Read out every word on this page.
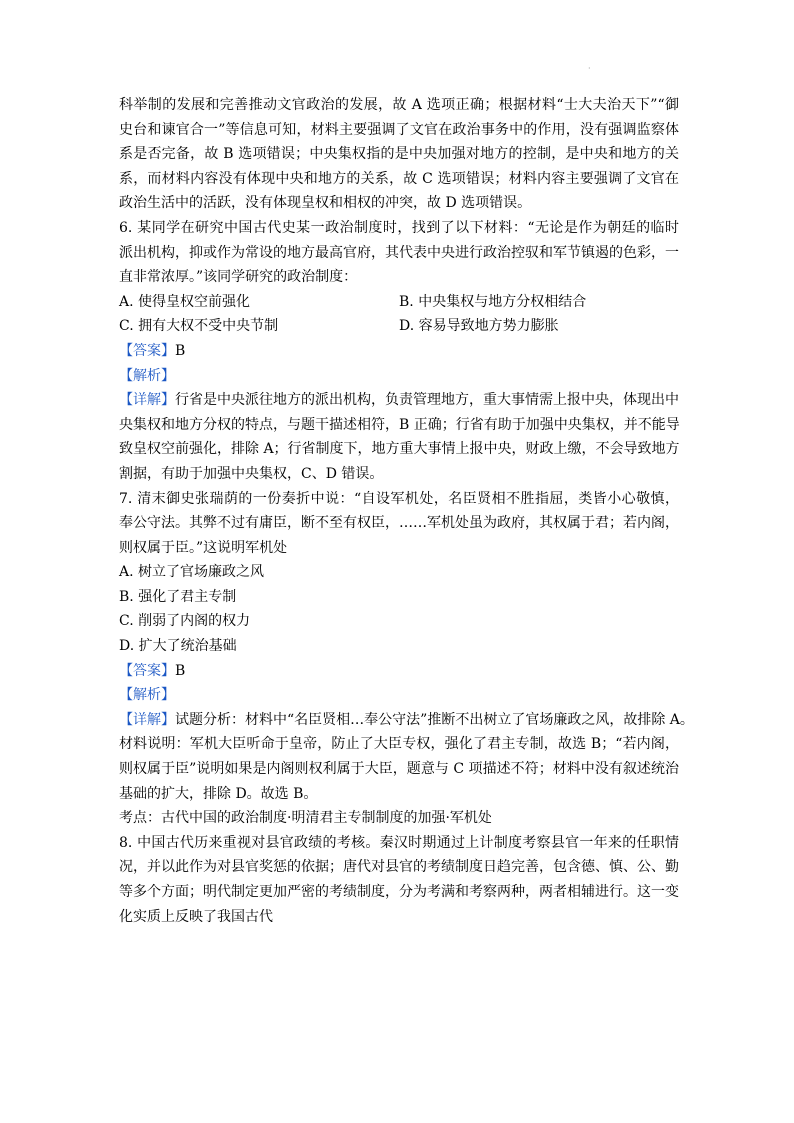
·
科举制的发展和完善推动文官政治的发展，故 A 选项正确；根据材料“士大夫治天下”“御
史台和谏官合一”等信息可知，材料主要强调了文官在政治事务中的作用，没有强调监察体
系是否完备，故 B 选项错误；中央集权指的是中央加强对地方的控制，是中央和地方的关
系，而材料内容没有体现中央和地方的关系，故 C 选项错误；材料内容主要强调了文官在
政治生活中的活跃，没有体现皇权和相权的冲突，故 D 选项错误。
6. 某同学在研究中国古代史某一政治制度时，找到了以下材料：“无论是作为朝廷的临时
派出机构，抑或作为常设的地方最高官府，其代表中央进行政治控驭和军节镇遏的色彩，一
直非常浓厚。”该同学研究的政治制度：
A. 使得皇权空前强化	B. 中央集权与地方分权相结合
C. 拥有大权不受中央节制	D. 容易导致地方势力膨胀
【答案】B
【解析】
【详解】行省是中央派往地方的派出机构，负责管理地方，重大事情需上报中央，体现出中
央集权和地方分权的特点，与题干描述相符，B 正确；行省有助于加强中央集权，并不能导
致皇权空前强化，排除 A；行省制度下，地方重大事情上报中央，财政上缴，不会导致地方
割据，有助于加强中央集权，C、D 错误。
7. 清末御史张瑞荫的一份奏折中说：“自设军机处，名臣贤相不胜指屈，类皆小心敬慎，
奉公守法。其弊不过有庸臣，断不至有权臣，……军机处虽为政府，其权属于君；若内阁，
则权属于臣。”这说明军机处
A. 树立了官场廉政之风
B. 强化了君主专制
C. 削弱了内阁的权力
D. 扩大了统治基础
【答案】B
【解析】
【详解】试题分析：材料中“名臣贤相…奉公守法”推断不出树立了官场廉政之风，故排除 A。
材料说明：军机大臣听命于皇帝，防止了大臣专权，强化了君主专制，故选 B；“若内阁，
则权属于臣”说明如果是内阁则权利属于大臣，题意与 C 项描述不符；材料中没有叙述统治
基础的扩大，排除 D。故选 B。
考点：古代中国的政治制度·明清君主专制制度的加强·军机处
8. 中国古代历来重视对县官政绩的考核。秦汉时期通过上计制度考察县官一年来的任职情
况，并以此作为对县官奖惩的依据；唐代对县官的考绩制度日趋完善，包含德、慎、公、勤
等多个方面；明代制定更加严密的考绩制度，分为考满和考察两种，两者相辅进行。这一变
化实质上反映了我国古代
